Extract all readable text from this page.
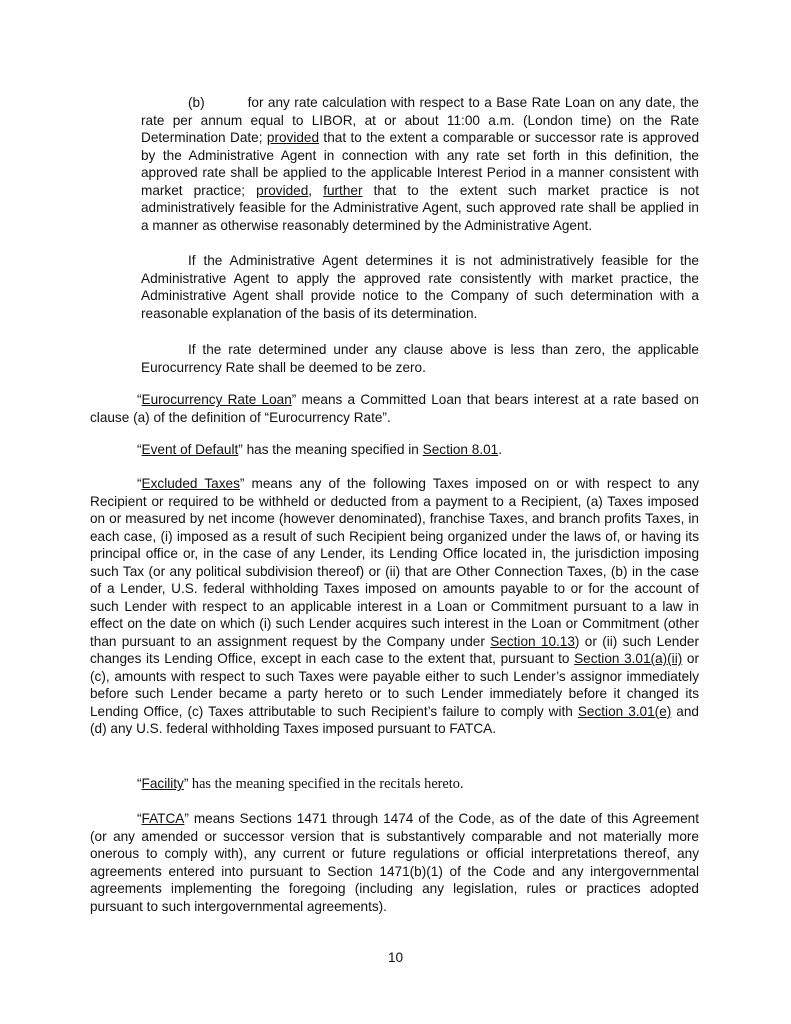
(b)	for any rate calculation with respect to a Base Rate Loan on any date, the rate per annum equal to LIBOR, at or about 11:00 a.m. (London time) on the Rate Determination Date; provided that to the extent a comparable or successor rate is approved by the Administrative Agent in connection with any rate set forth in this definition, the approved rate shall be applied to the applicable Interest Period in a manner consistent with market practice; provided, further that to the extent such market practice is not administratively feasible for the Administrative Agent, such approved rate shall be applied in a manner as otherwise reasonably determined by the Administrative Agent.

If the Administrative Agent determines it is not administratively feasible for the Administrative Agent to apply the approved rate consistently with market practice, the Administrative Agent shall provide notice to the Company of such determination with a reasonable explanation of the basis of its determination.

If the rate determined under any clause above is less than zero, the applicable Eurocurrency Rate shall be deemed to be zero.

“Eurocurrency Rate Loan” means a Committed Loan that bears interest at a rate based on clause (a) of the definition of “Eurocurrency Rate”.

“Event of Default” has the meaning specified in Section 8.01.

“Excluded Taxes” means any of the following Taxes imposed on or with respect to any Recipient or required to be withheld or deducted from a payment to a Recipient, (a) Taxes imposed on or measured by net income (however denominated), franchise Taxes, and branch profits Taxes, in each case, (i) imposed as a result of such Recipient being organized under the laws of, or having its principal office or, in the case of any Lender, its Lending Office located in, the jurisdiction imposing such Tax (or any political subdivision thereof) or (ii) that are Other Connection Taxes, (b) in the case of a Lender, U.S. federal withholding Taxes imposed on amounts payable to or for the account of such Lender with respect to an applicable interest in a Loan or Commitment pursuant to a law in effect on the date on which (i) such Lender acquires such interest in the Loan or Commitment (other than pursuant to an assignment request by the Company under Section 10.13) or (ii) such Lender changes its Lending Office, except in each case to the extent that, pursuant to Section 3.01(a)(ii) or (c), amounts with respect to such Taxes were payable either to such Lender’s assignor immediately before such Lender became a party hereto or to such Lender immediately before it changed its Lending Office, (c) Taxes attributable to such Recipient’s failure to comply with Section 3.01(e) and (d) any U.S. federal withholding Taxes imposed pursuant to FATCA.

“Facility” has the meaning specified in the recitals hereto.

“FATCA” means Sections 1471 through 1474 of the Code, as of the date of this Agreement (or any amended or successor version that is substantively comparable and not materially more onerous to comply with), any current or future regulations or official interpretations thereof, any agreements entered into pursuant to Section 1471(b)(1) of the Code and any intergovernmental agreements implementing the foregoing (including any legislation, rules or practices adopted pursuant to such intergovernmental agreements).

10
